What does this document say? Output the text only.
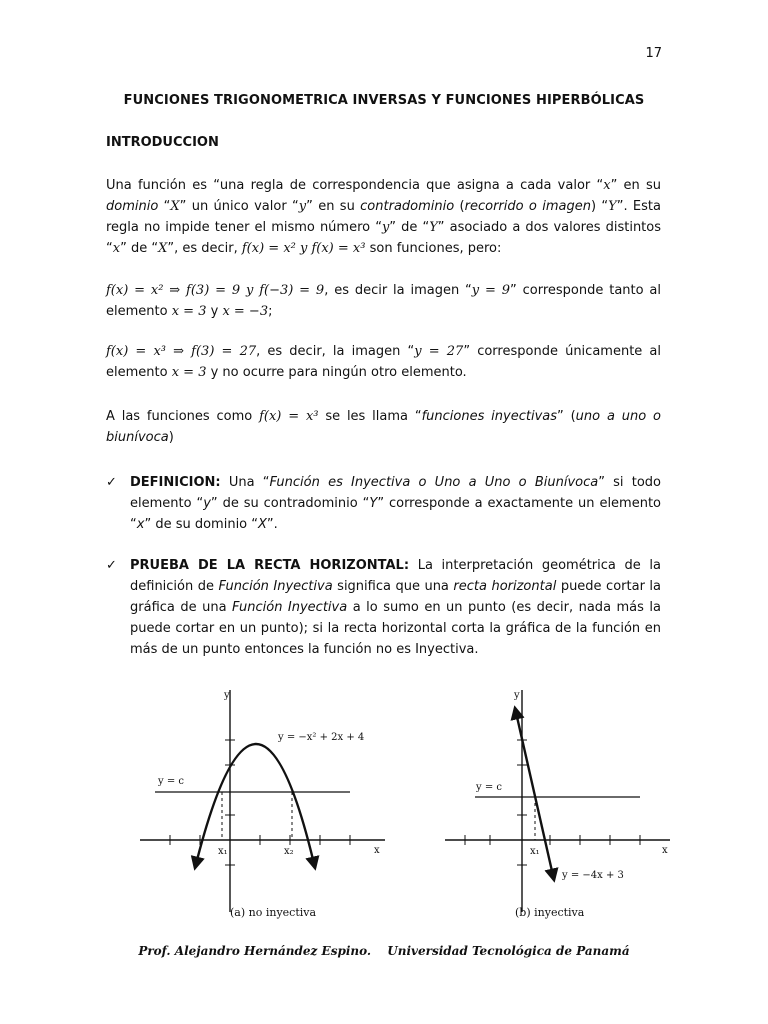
17
FUNCIONES TRIGONOMETRICA INVERSAS Y FUNCIONES HIPERBÓLICAS
INTRODUCCION
Una función es “una regla de correspondencia que asigna a cada valor “x” en su dominio “X” un único valor “y” en su contradominio (recorrido o imagen) “Y”. Esta regla no impide tener el mismo número “y” de “Y” asociado a dos valores distintos “x” de “X”, es decir, f(x) = x² y f(x) = x³ son funciones, pero:
f(x) = x² ⇒ f(3) = 9 y f(−3) = 9, es decir la imagen “y = 9” corresponde tanto al elemento x = 3 y x = −3;
f(x) = x³ ⇒ f(3) = 27, es decir, la imagen “y = 27” corresponde únicamente al elemento x = 3 y no ocurre para ningún otro elemento.
A las funciones como f(x) = x³ se les llama “funciones inyectivas” (uno a uno o biunívoca)
✓ DEFINICION: Una “Función es Inyectiva o Uno a Uno o Biunívoca” si todo elemento “y” de su contradominio “Y” corresponde a exactamente un elemento “x” de su dominio “X”.
✓ PRUEBA DE LA RECTA HORIZONTAL: La interpretación geométrica de la definición de Función Inyectiva significa que una recta horizontal puede cortar la gráfica de una Función Inyectiva a lo sumo en un punto (es decir, nada más la puede cortar en un punto); si la recta horizontal corta la gráfica de la función en más de un punto entonces la función no es Inyectiva.
y
x
y = −x² + 2x + 4
y = c
x₁	x₂
(a) no inyectiva
y
x
y = −4x + 3
y = c
x₁
(b) inyectiva
Prof. Alejandro Hernández Espino. Universidad Tecnológica de Panamá
